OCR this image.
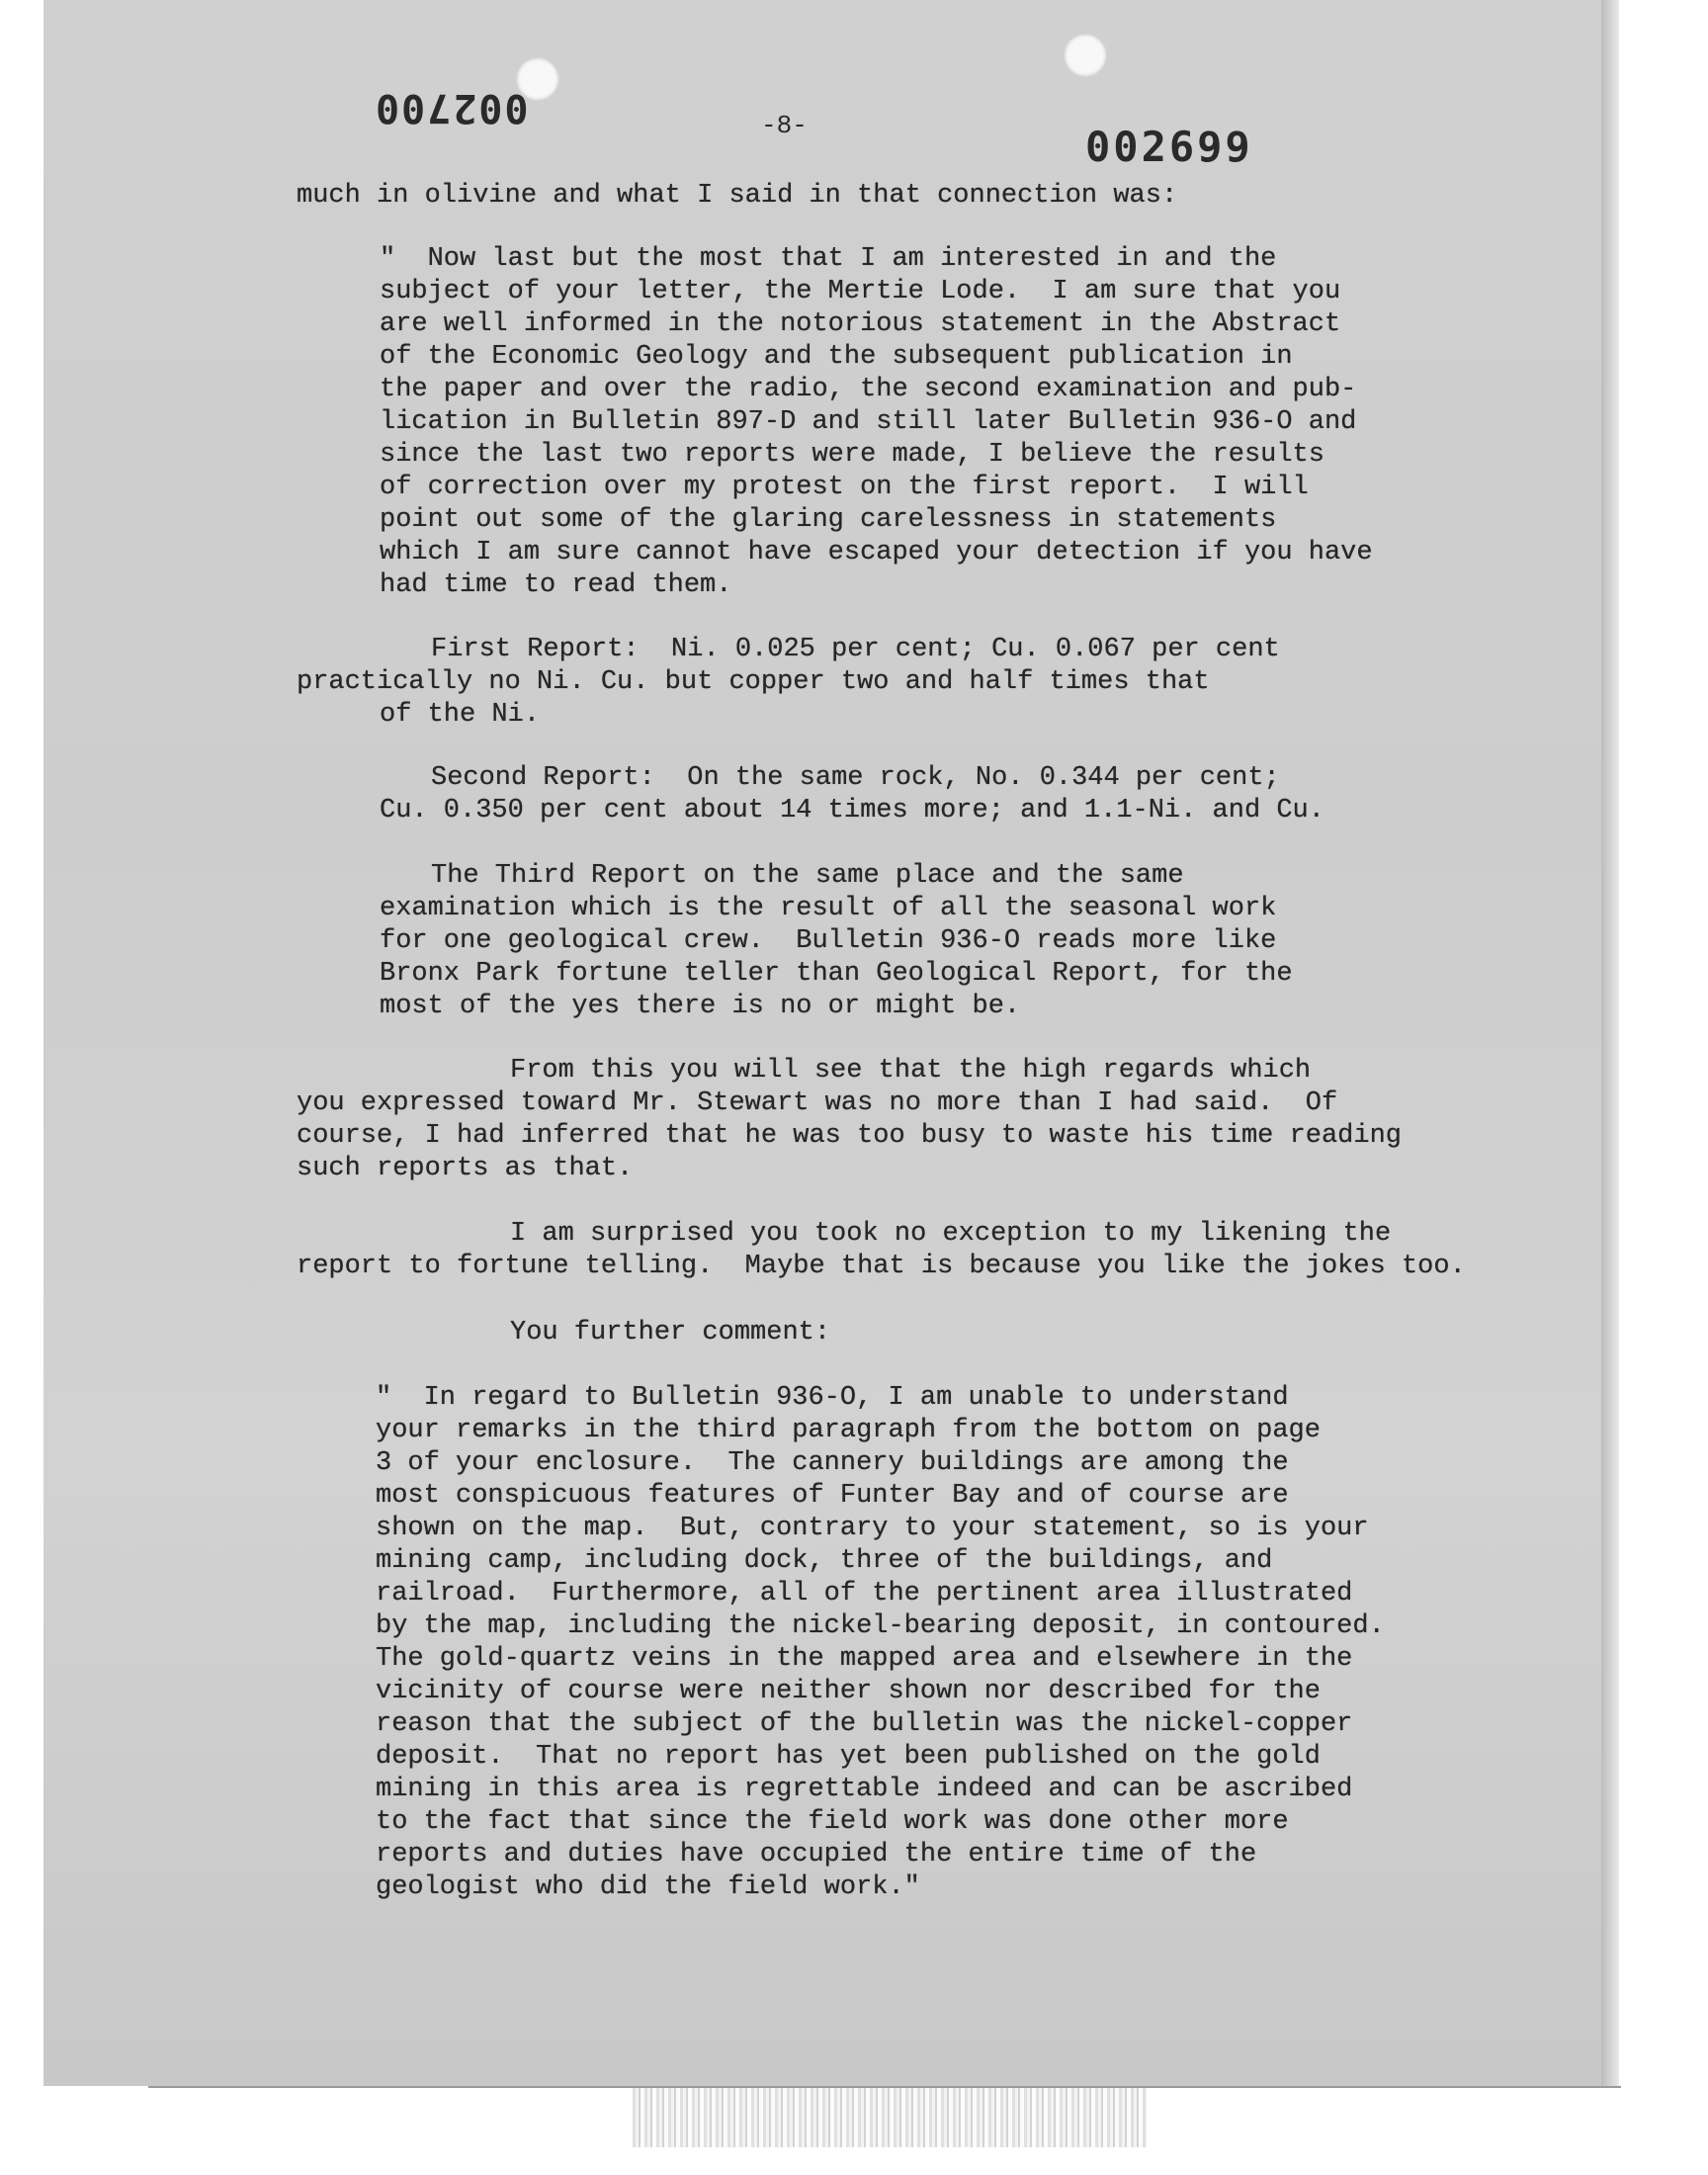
002700	-8-	002699

much in olivine and what I said in that connection was:

"  Now last but the most that I am interested in and the

subject of your letter, the Mertie Lode.  I am sure that you

are well informed in the notorious statement in the Abstract

of the Economic Geology and the subsequent publication in

the paper and over the radio, the second examination and pub-

lication in Bulletin 897-D and still later Bulletin 936-O and

since the last two reports were made, I believe the results

of correction over my protest on the first report.  I will

point out some of the glaring carelessness in statements

which I am sure cannot have escaped your detection if you have

had time to read them.

First Report:  Ni. 0.025 per cent; Cu. 0.067 per cent

practically no Ni. Cu. but copper two and half times that

of the Ni.

Second Report:  On the same rock, No. 0.344 per cent;

Cu. 0.350 per cent about 14 times more; and 1.1-Ni. and Cu.

The Third Report on the same place and the same

examination which is the result of all the seasonal work

for one geological crew.  Bulletin 936-O reads more like

Bronx Park fortune teller than Geological Report, for the

most of the yes there is no or might be.

From this you will see that the high regards which

you expressed toward Mr. Stewart was no more than I had said.  Of

course, I had inferred that he was too busy to waste his time reading

such reports as that.

I am surprised you took no exception to my likening the

report to fortune telling.  Maybe that is because you like the jokes too.

You further comment:

"  In regard to Bulletin 936-O, I am unable to understand

your remarks in the third paragraph from the bottom on page

3 of your enclosure.  The cannery buildings are among the

most conspicuous features of Funter Bay and of course are

shown on the map.  But, contrary to your statement, so is your

mining camp, including dock, three of the buildings, and

railroad.  Furthermore, all of the pertinent area illustrated

by the map, including the nickel-bearing deposit, in contoured.

The gold-quartz veins in the mapped area and elsewhere in the

vicinity of course were neither shown nor described for the

reason that the subject of the bulletin was the nickel-copper

deposit.  That no report has yet been published on the gold

mining in this area is regrettable indeed and can be ascribed

to the fact that since the field work was done other more

reports and duties have occupied the entire time of the

geologist who did the field work."
